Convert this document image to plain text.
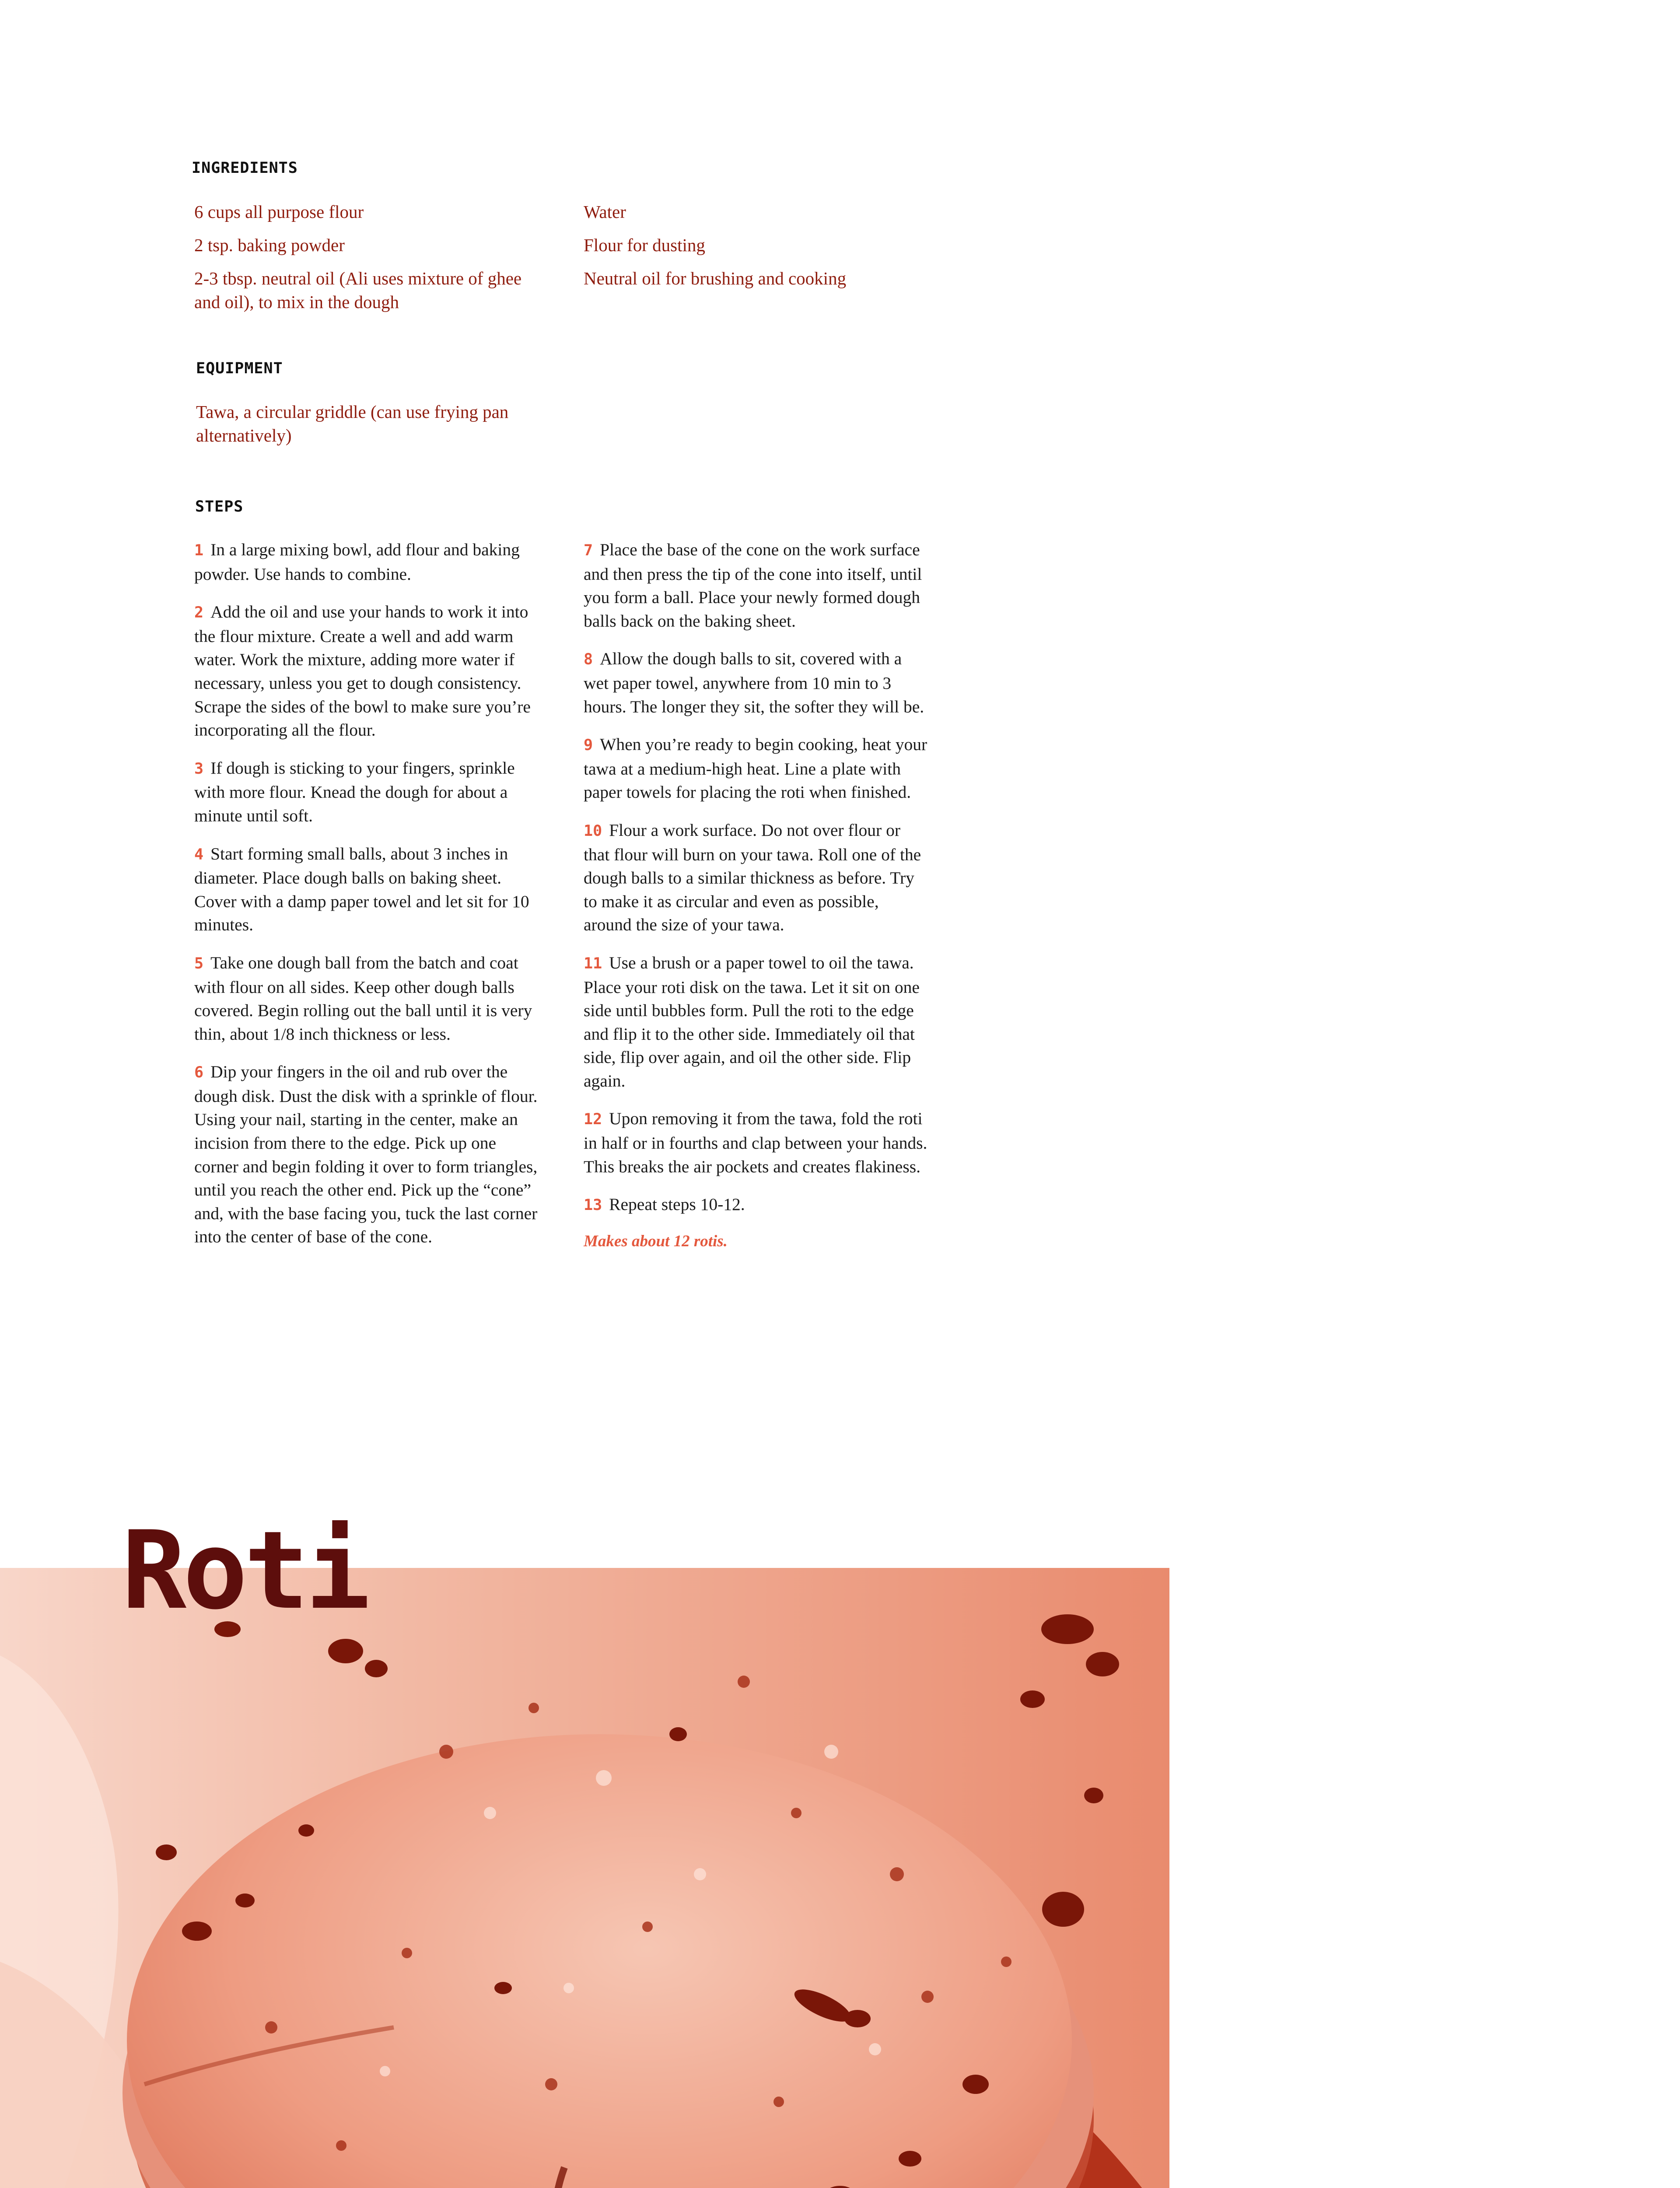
INGREDIENTS

6 cups all purpose flour

2 tsp. baking powder

2-3 tbsp. neutral oil (Ali uses mixture of ghee and oil), to mix in the dough

Water

Flour for dusting

Neutral oil for brushing and cooking

EQUIPMENT

Tawa, a circular griddle (can use frying pan alternatively)

STEPS

1 In a large mixing bowl, add flour and baking powder. Use hands to combine.

2 Add the oil and use your hands to work it into the flour mixture. Create a well and add warm water. Work the mixture, adding more water if necessary, unless you get to dough consistency. Scrape the sides of the bowl to make sure you’re incorporating all the flour.

3 If dough is sticking to your fingers, sprinkle with more flour. Knead the dough for about a minute until soft.

4 Start forming small balls, about 3 inches in diameter. Place dough balls on baking sheet. Cover with a damp paper towel and let sit for 10 minutes.

5 Take one dough ball from the batch and coat with flour on all sides. Keep other dough balls covered. Begin rolling out the ball until it is very thin, about 1/8 inch thickness or less.

6 Dip your fingers in the oil and rub over the dough disk. Dust the disk with a sprinkle of flour. Using your nail, starting in the center, make an incision from there to the edge. Pick up one corner and begin folding it over to form triangles, until you reach the other end. Pick up the “cone” and, with the base facing you, tuck the last corner into the center of base of the cone.

7 Place the base of the cone on the work surface and then press the tip of the cone into itself, until you form a ball. Place your newly formed dough balls back on the baking sheet.

8 Allow the dough balls to sit, covered with a wet paper towel, anywhere from 10 min to 3 hours. The longer they sit, the softer they will be.

9 When you’re ready to begin cooking, heat your tawa at a medium-high heat. Line a plate with paper towels for placing the roti when finished.

10 Flour a work surface. Do not over flour or that flour will burn on your tawa. Roll one of the dough balls to a similar thickness as before. Try to make it as circular and even as possible, around the size of your tawa.

11 Use a brush or a paper towel to oil the tawa. Place your roti disk on the tawa. Let it sit on one side until bubbles form. Pull the roti to the edge and flip it to the other side. Immediately oil that side, flip over again, and oil the other side. Flip again.

12 Upon removing it from the tawa, fold the roti in half or in fourths and clap between your hands. This breaks the air pockets and creates flakiness.

13 Repeat steps 10-12.

Makes about 12 rotis.

Roti
